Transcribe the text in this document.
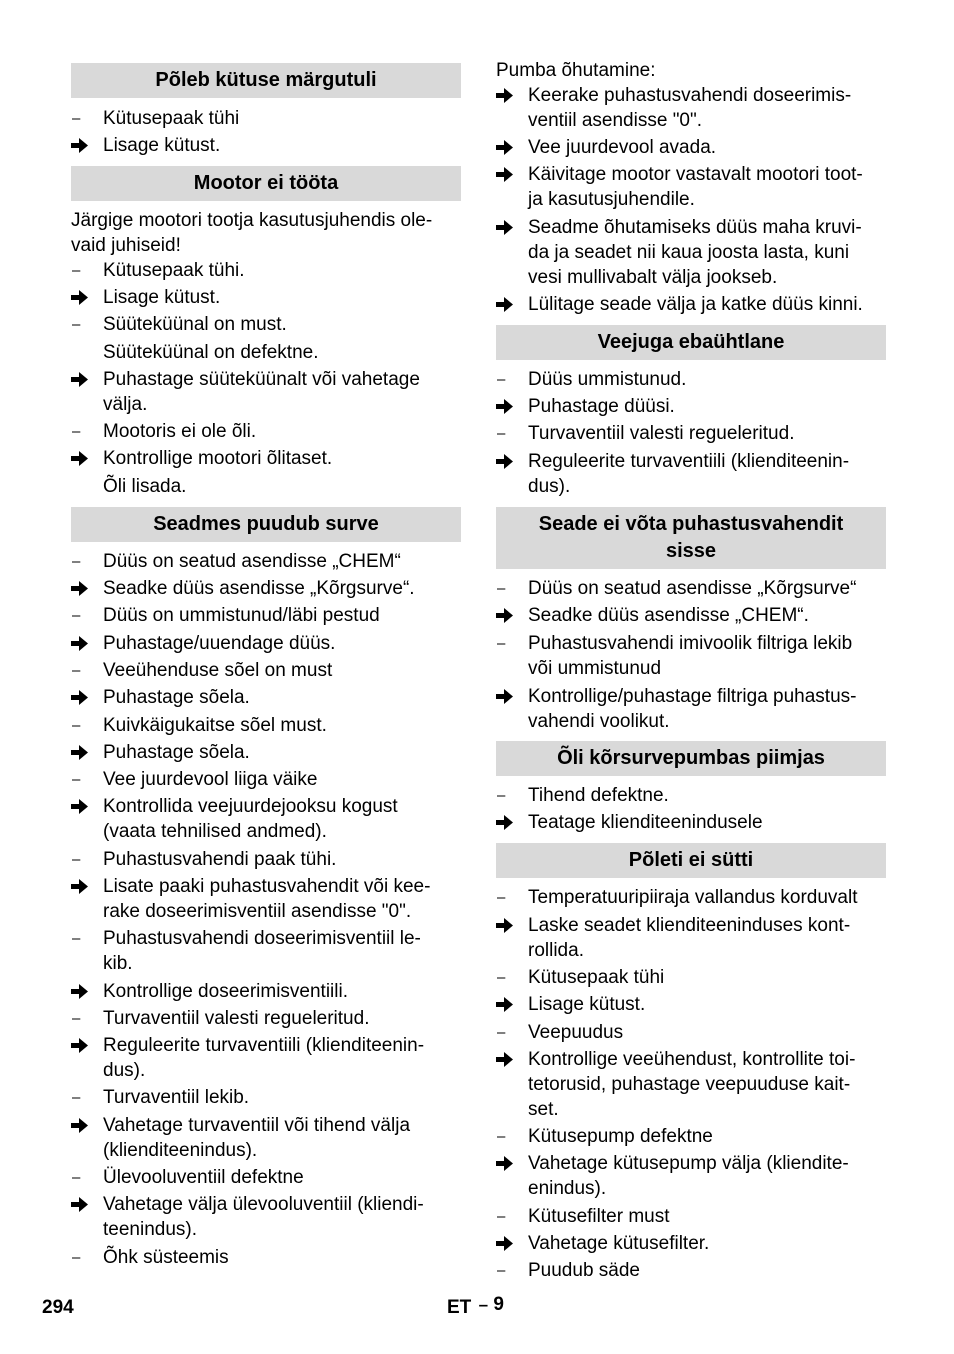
Põleb kütuse märgutuli
–	Kütusepaak tühi
Lisage kütust.
Mootor ei tööta
Järgige mootori tootja kasutusjuhendis ole-
vaid juhiseid!
–	Kütusepaak tühi.
Lisage kütust.
–	Süüteküünal on must.
Süüteküünal on defektne.
Puhastage süüteküünalt või vahetage
välja.
–	Mootoris ei ole õli.
Kontrollige mootori õlitaset.
Õli lisada.
Seadmes puudub surve
–	Düüs on seatud asendisse „CHEM“
Seadke düüs asendisse „Kõrgsurve“.
–	Düüs on ummistunud/läbi pestud
Puhastage/uuendage düüs.
–	Veeühenduse sõel on must
Puhastage sõela.
–	Kuivkäigukaitse sõel must.
Puhastage sõela.
–	Vee juurdevool liiga väike
Kontrollida veejuurdejooksu kogust
(vaata tehnilised andmed).
–	Puhastusvahendi paak tühi.
Lisate paaki puhastusvahendit või kee-
rake doseerimisventiil asendisse "0".
–	Puhastusvahendi doseerimisventiil le-
kib.
Kontrollige doseerimisventiili.
–	Turvaventiil valesti regueleritud.
Reguleerite turvaventiili (klienditeenin-
dus).
–	Turvaventiil lekib.
Vahetage turvaventiil või tihend välja
(klienditeenindus).
–	Ülevooluventiil defektne
Vahetage välja ülevooluventiil (kliendi-
teenindus).
–	Õhk süsteemis
Pumba õhutamine:
Keerake puhastusvahendi doseerimis-
ventiil asendisse "0".
Vee juurdevool avada.
Käivitage mootor vastavalt mootori toot-
ja kasutusjuhendile.
Seadme õhutamiseks düüs maha kruvi-
da ja seadet nii kaua joosta lasta, kuni
vesi mullivabalt välja jookseb.
Lülitage seade välja ja katke düüs kinni.
Veejuga ebaühtlane
–	Düüs ummistunud.
Puhastage düüsi.
–	Turvaventiil valesti regueleritud.
Reguleerite turvaventiili (klienditeenin-
dus).
Seade ei võta puhastusvahendit
sisse
–	Düüs on seatud asendisse „Kõrgsurve“
Seadke düüs asendisse „CHEM“.
–	Puhastusvahendi imivoolik filtriga lekib
või ummistunud
Kontrollige/puhastage filtriga puhastus-
vahendi voolikut.
Õli kõrsurvepumbas piimjas
–	Tihend defektne.
Teatage klienditeenindusele
Põleti ei sütti
–	Temperatuuripiiraja vallandus korduvalt
Laske seadet klienditeeninduses kont-
rollida.
–	Kütusepaak tühi
Lisage kütust.
–	Veepuudus
Kontrollige veeühendust, kontrollite toi-
tetorusid, puhastage veepuuduse kait-
set.
–	Kütusepump defektne
Vahetage kütusepump välja (kliendite-
enindus).
–	Kütusefilter must
Vahetage kütusefilter.
–	Puudub säde
294	ET – 9
